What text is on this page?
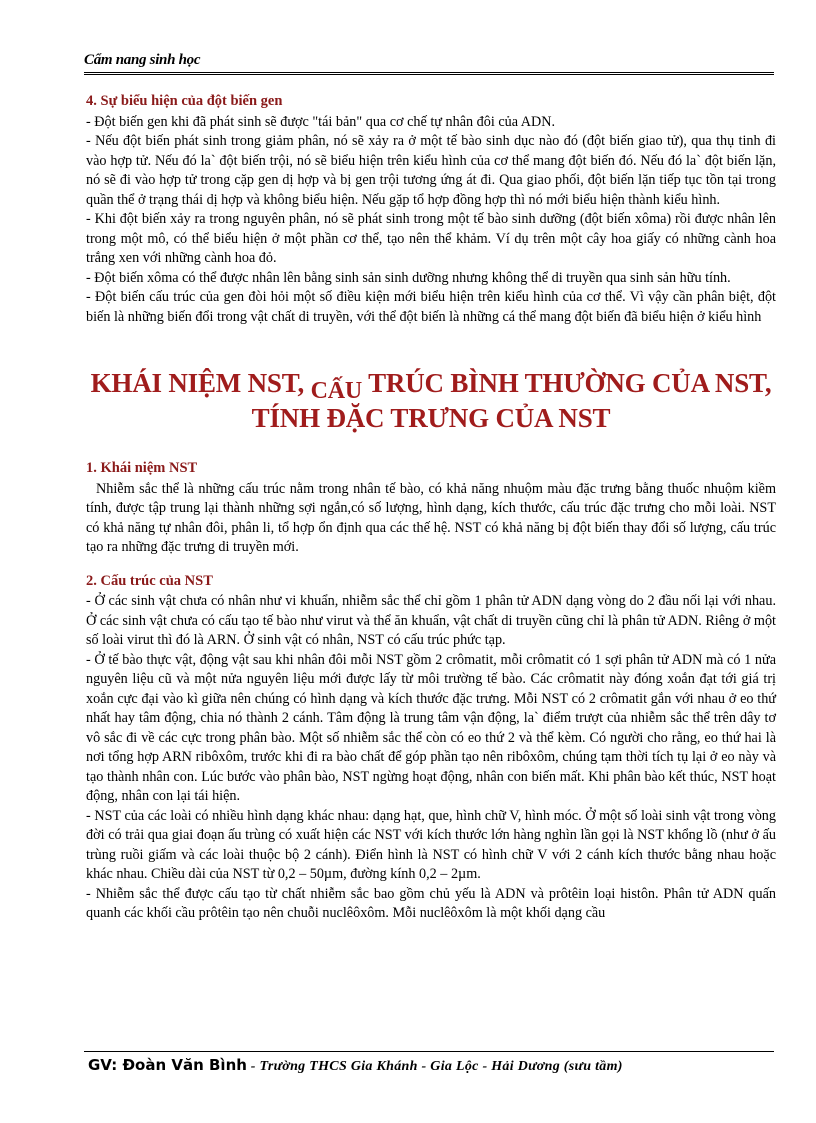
Cẩm nang sinh học
4. Sự biểu hiện của đột biến gen

- Đột biến gen khi đã phát sinh sẽ được "tái bản" qua cơ chế tự nhân đôi của ADN.

- Nếu đột biến phát sinh trong giảm phân, nó sẽ xảy ra ở một tế bào sinh dục nào đó (đột biến giao tử), qua thụ tinh đi vào hợp tử. Nếu đó la` đột biến trội, nó sẽ biểu hiện trên kiểu hình của cơ thể mang đột biến đó. Nếu đó la` đột biến lặn, nó sẽ đi vào hợp tử trong cặp gen dị hợp và bị gen trội tương ứng át đi. Qua giao phối, đột biến lặn tiếp tục tồn tại trong quần thể ở trạng thái dị hợp và không biểu hiện. Nếu gặp tổ hợp đồng hợp thì nó mới biểu hiện thành kiểu hình.

- Khi đột biến xảy ra trong nguyên phân, nó sẽ phát sinh trong một tế bào sinh dưỡng (đột biến xôma) rồi được nhân lên trong một mô, có thể biểu hiện ở một phần cơ thể, tạo nên thể khảm. Ví dụ trên một cây hoa giấy có những cành hoa trắng xen với những cành hoa đỏ.

- Đột biến xôma có thể được nhân lên bằng sinh sản sinh dưỡng nhưng không thể di truyền qua sinh sản hữu tính.

- Đột biến cấu trúc của gen đòi hỏi một số điều kiện mới biểu hiện trên kiểu hình của cơ thể. Vì vậy cần phân biệt, đột biến là những biến đổi trong vật chất di truyền, với thể đột biến là những cá thể mang đột biến đã biểu hiện ở kiểu hình

KHÁI NIỆM NST, CẤU TRÚC BÌNH THƯỜNG CỦA NST,
TÍNH ĐẶC TRƯNG CỦA NST
1. Khái niệm NST

Nhiễm sắc thể là những cấu trúc nằm trong nhân tế bào, có khả năng nhuộm màu đặc trưng bằng thuốc nhuộm kiềm tính, được tập trung lại thành những sợi ngắn,có số lượng, hình dạng, kích thước, cấu trúc đặc trưng cho mỗi loài. NST có khả năng tự nhân đôi, phân li, tổ hợp ổn định qua các thế hệ. NST có khả năng bị đột biến thay đổi số lượng, cấu trúc tạo ra những đặc trưng di truyền mới.

2. Cấu trúc của NST

- Ở các sinh vật chưa có nhân như vi khuẩn, nhiễm sắc thể chỉ gồm 1 phân tử ADN dạng vòng do 2 đầu nối lại với nhau. Ở các sinh vật chưa có cấu tạo tế bào như virut và thể ăn khuẩn, vật chất di truyền cũng chỉ là phân tử ADN. Riêng ở một số loài virut thì đó là ARN. Ở sinh vật có nhân, NST có cấu trúc phức tạp.

- Ở tế bào thực vật, động vật sau khi nhân đôi mỗi NST gồm 2 crômatit, mỗi crômatit có 1 sợi phân tử ADN mà có 1 nửa nguyên liệu cũ và một nửa nguyên liệu mới được lấy từ môi trường tế bào. Các crômatit này đóng xoắn đạt tới giá trị xoắn cực đại vào kì giữa nên chúng có hình dạng và kích thước đặc trưng. Mỗi NST có 2 crômatit gắn với nhau ở eo thứ nhất hay tâm động, chia nó thành 2 cánh. Tâm động là trung tâm vận động, la` điểm trượt của nhiễm sắc thể trên dây tơ vô sắc đi về các cực trong phân bào. Một số nhiễm sắc thể còn có eo thứ 2 và thể kèm. Có người cho rằng, eo thứ hai là nơi tổng hợp ARN ribôxôm, trước khi đi ra bào chất để góp phần tạo nên ribôxôm, chúng tạm thời tích tụ lại ở eo này và tạo thành nhân con. Lúc bước vào phân bào, NST ngừng hoạt động, nhân con biến mất. Khi phân bào kết thúc, NST hoạt động, nhân con lại tái hiện.

- NST của các loài có nhiều hình dạng khác nhau: dạng hạt, que, hình chữ V, hình móc. Ở một số loài sinh vật trong vòng đời có trải qua giai đoạn ấu trùng có xuất hiện các NST với kích thước lớn hàng nghìn lần gọi là NST khổng lồ (như ở ấu trùng ruồi giấm và các loài thuộc bộ 2 cánh). Điển hình là NST có hình chữ V với 2 cánh kích thước bằng nhau hoặc khác nhau. Chiều dài của NST từ 0,2 – 50µm, đường kính 0,2 – 2µm.

- Nhiễm sắc thể được cấu tạo từ chất nhiễm sắc bao gồm chủ yếu là ADN và prôtêin loại histôn. Phân tử ADN quấn quanh các khối cầu prôtêin tạo nên chuỗi nuclêôxôm. Mỗi nuclêôxôm là một khối dạng cầu

GV: Đoàn Văn Bình - Trường THCS Gia Khánh - Gia Lộc - Hải Dương (sưu tầm)
